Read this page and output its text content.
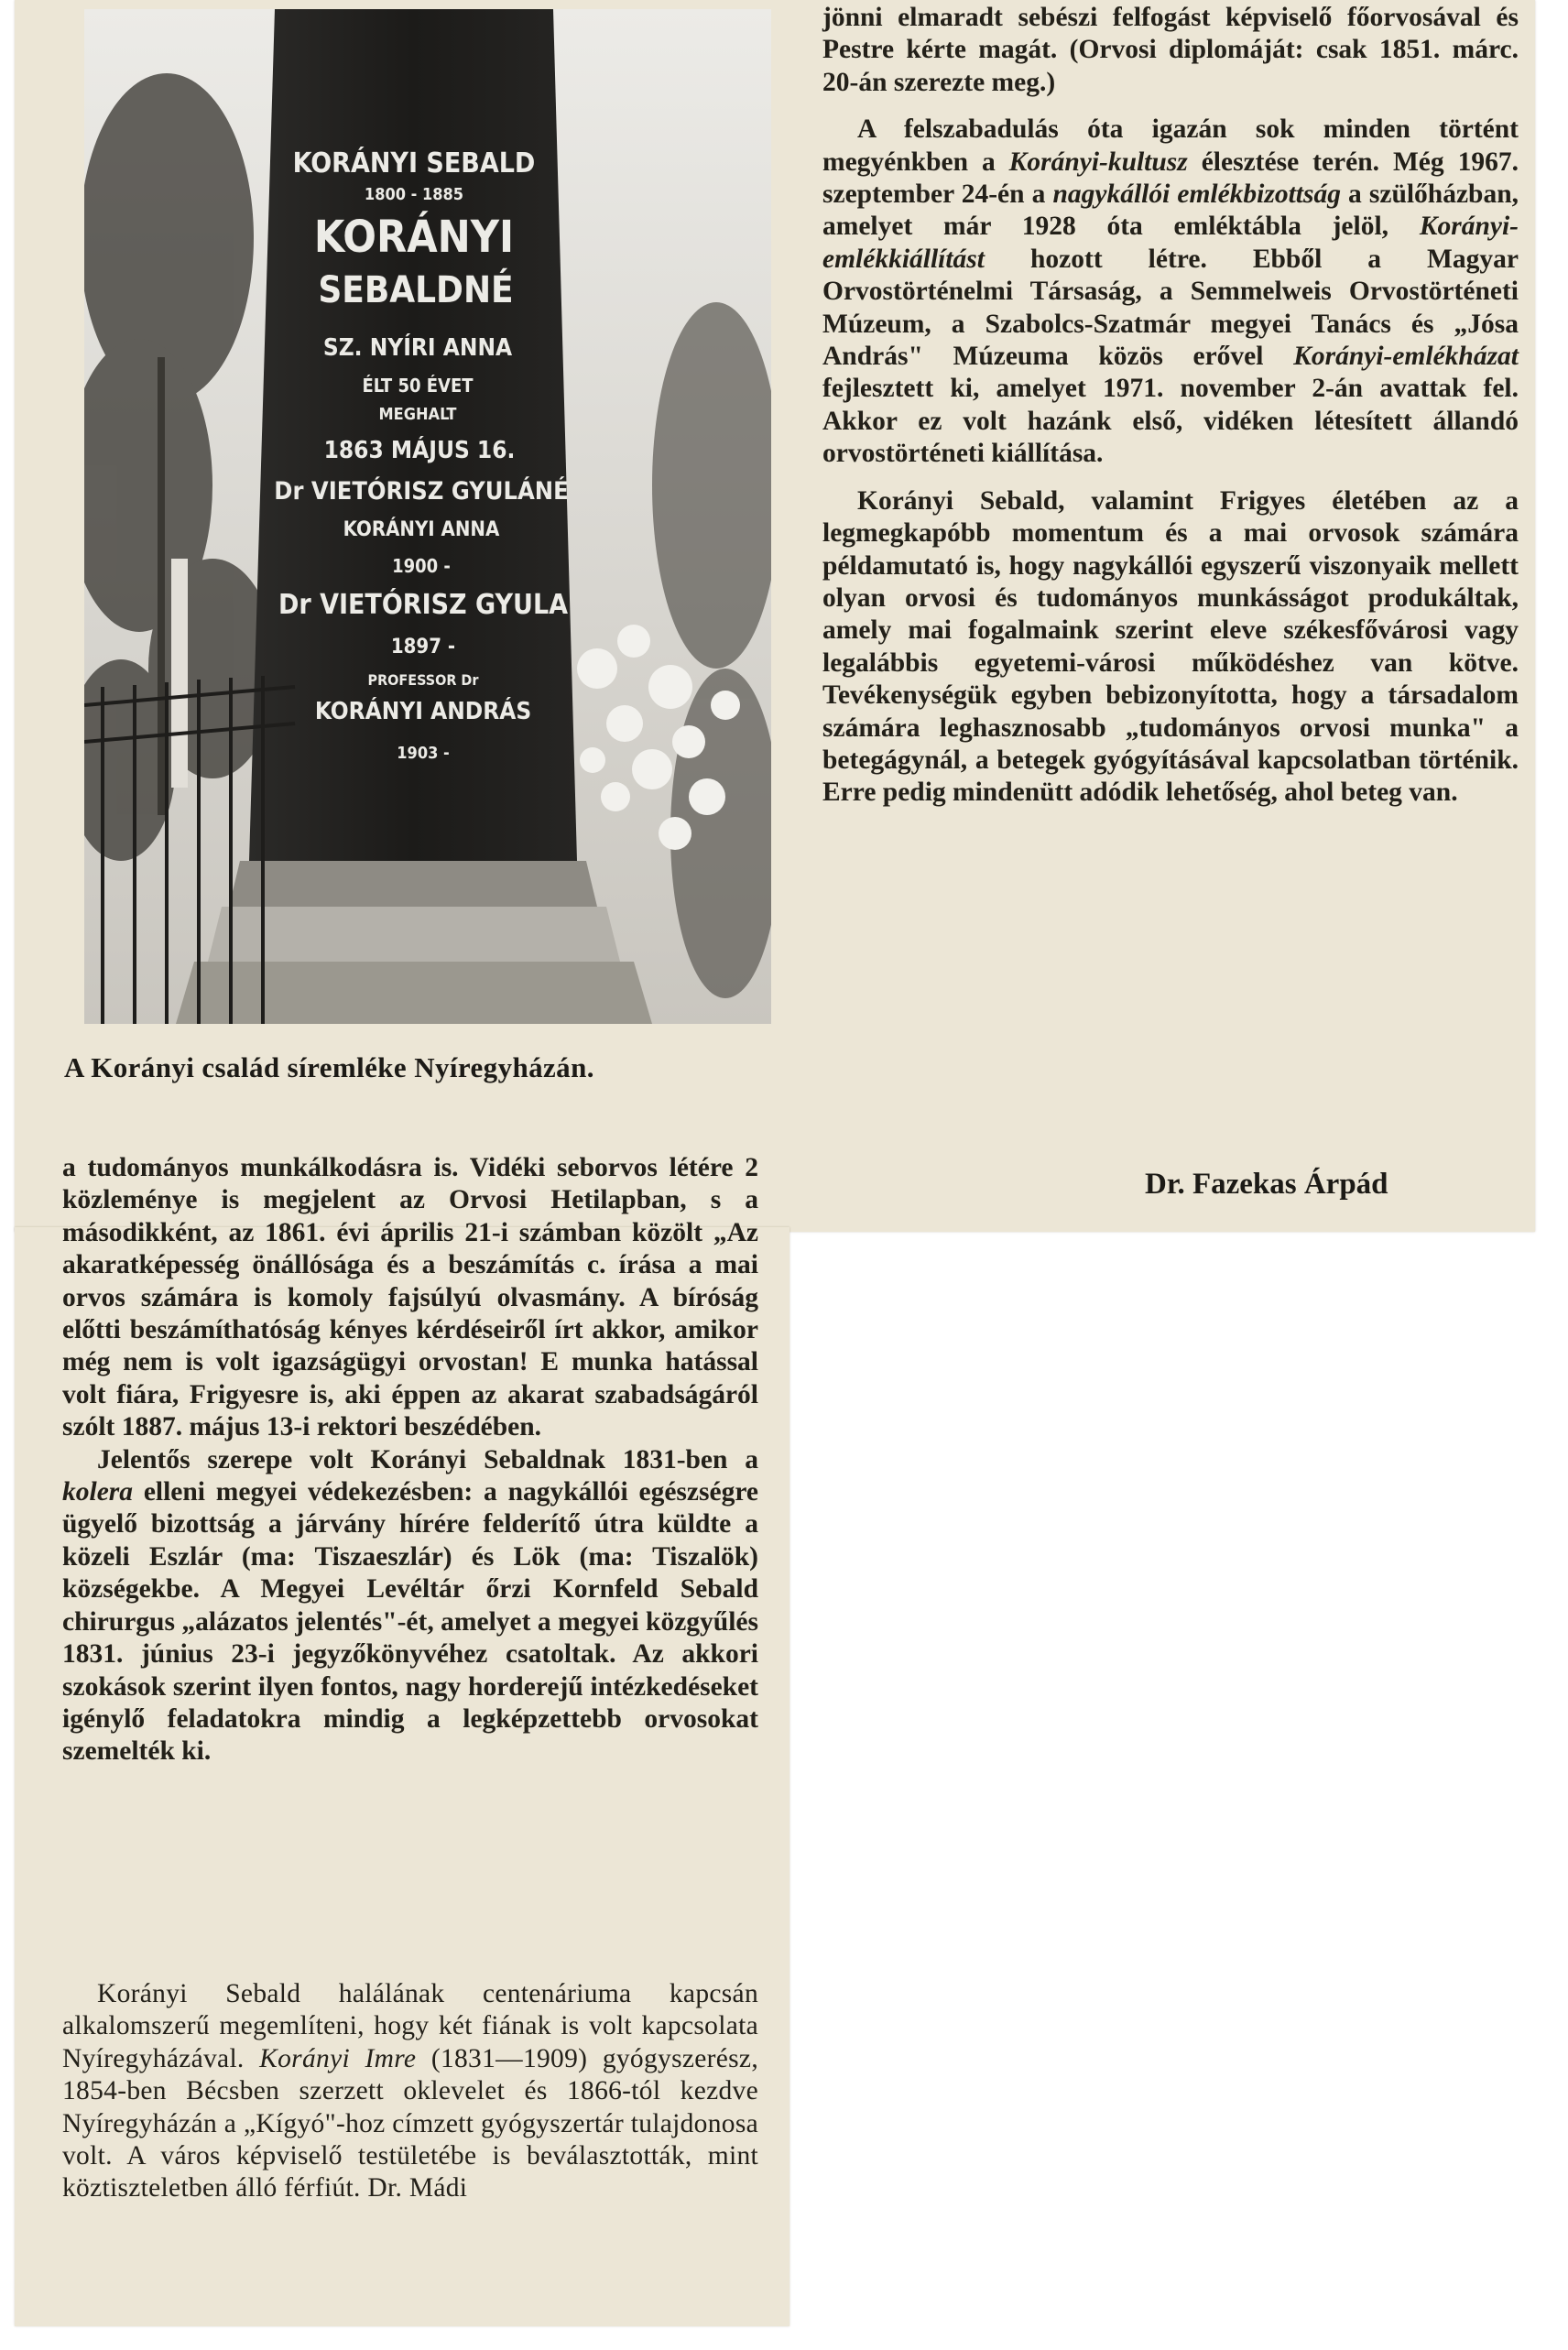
KORÁNYI SEBALD
1800 - 1885
KORÁNYI
SEBALDNÉ
SZ. NYÍRI ANNA
ÉLT 50 ÉVET
MEGHALT
1863 MÁJUS 16.
Dr VIETÓRISZ GYULÁNÉ
KORÁNYI ANNA
1900 -
Dr VIETÓRISZ GYULA
1897 -
PROFESSOR Dr
KORÁNYI ANDRÁS
1903 -
A Korányi család síremléke Nyíregyházán.

jönni elmaradt sebészi felfogást képviselő főorvosával és Pestre kérte magát. (Orvosi diplomáját: csak 1851. márc. 20-án szerezte meg.)

A felszabadulás óta igazán sok minden történt megyénkben a Korányi-kultusz élesztése terén. Még 1967. szeptember 24-én a nagykállói emlékbizottság a szülőházban, amelyet már 1928 óta emléktábla jelöl, Korányi-emlékkiállítást hozott létre. Ebből a Magyar Orvostörténelmi Társaság, a Semmelweis Orvostörténeti Múzeum, a Szabolcs-Szatmár megyei Tanács és „Jósa András" Múzeuma közös erővel Korányi-emlékházat fejlesztett ki, amelyet 1971. november 2-án avattak fel. Akkor ez volt hazánk első, vidéken létesített állandó orvostörténeti kiállítása.

Korányi Sebald, valamint Frigyes életében az a legmegkapóbb momentum és a mai orvosok számára példamutató is, hogy nagykállói egyszerű viszonyaik mellett olyan orvosi és tudományos munkásságot produkáltak, amely mai fogalmaink szerint eleve székesfővárosi vagy legalábbis egyetemi-városi működéshez van kötve. Tevékenységük egyben bebizonyította, hogy a társadalom számára leghasznosabb „tudományos orvosi munka" a betegágynál, a betegek gyógyításával kapcsolatban történik. Erre pedig mindenütt adódik lehetőség, ahol beteg van.

Dr. Fazekas Árpád

a tudományos munkálkodásra is. Vidéki seborvos létére 2 közleménye is megjelent az Orvosi Hetilapban, s a másodikként, az 1861. évi április 21-i számban közölt „Az akaratképesség önállósága és a beszámítás c. írása a mai orvos számára is komoly fajsúlyú olvasmány. A bíróság előtti beszámíthatóság kényes kérdéseiről írt akkor, amikor még nem is volt igazságügyi orvostan! E munka hatással volt fiára, Frigyesre is, aki éppen az akarat szabadságáról szólt 1887. május 13-i rektori beszédében.

Jelentős szerepe volt Korányi Sebaldnak 1831-ben a kolera elleni megyei védekezésben: a nagykállói egészségre ügyelő bizottság a járvány hírére felderítő útra küldte a közeli Eszlár (ma: Tiszaeszlár) és Lök (ma: Tiszalök) községekbe. A Megyei Levéltár őrzi Kornfeld Sebald chirurgus „alázatos jelentés"-ét, amelyet a megyei közgyűlés 1831. június 23-i jegyzőkönyvéhez csatoltak. Az akkori szokások szerint ilyen fontos, nagy horderejű intézkedéseket igénylő feladatokra mindig a legképzettebb orvosokat szemelték ki.

Korányi Sebald halálának centenáriuma kapcsán alkalomszerű megemlíteni, hogy két fiának is volt kapcsolata Nyíregyházával. Korányi Imre (1831—1909) gyógyszerész, 1854-ben Bécsben szerzett oklevelet és 1866-tól kezdve Nyíregyházán a „Kígyó"-hoz címzett gyógyszertár tulajdonosa volt. A város képviselő testületébe is beválasztották, mint köztiszteletben álló férfiút. Dr. Mádi
